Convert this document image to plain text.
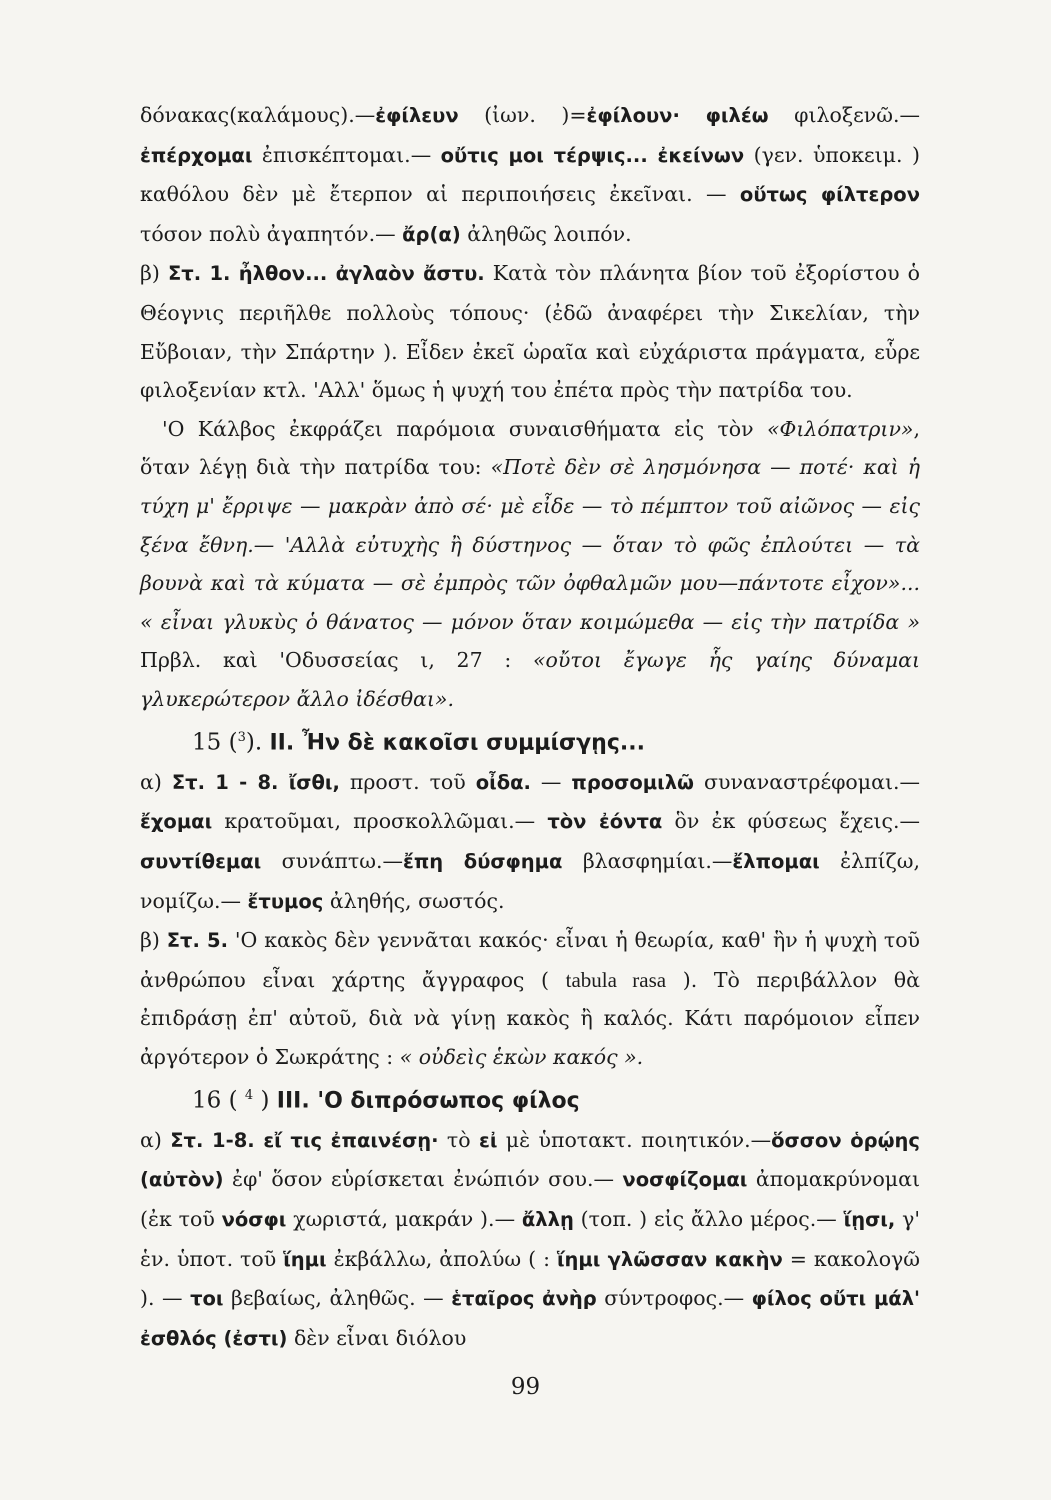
δόνακας(καλάμους).—ἐφίλευν (ἰων. )=ἐφίλουν· φιλέω φιλοξενῶ.— ἐπέρχομαι ἐπισκέπτομαι.— οὔτις μοι τέρψις... ἐκείνων (γεν. ὑποκειμ. ) καθόλου δὲν μὲ ἔτερπον αἱ περιποιήσεις ἐκεῖναι. — οὕτως φίλτερον τόσον πολὺ ἀγαπητόν.— ἄρ(α) ἀληθῶς λοιπόν.

β) Στ. 1. ἦλθον... ἀγλαὸν ἄστυ. Κατὰ τὸν πλάνητα βίον τοῦ ἐξορίστου ὁ Θέογνις περιῆλθε πολλοὺς τόπους· (ἐδῶ ἀναφέρει τὴν Σικελίαν, τὴν Εὔβοιαν, τὴν Σπάρτην ). Εἶδεν ἐκεῖ ὡραῖα καὶ εὐχάριστα πράγματα, εὗρε φιλοξενίαν κτλ. 'Αλλ' ὅμως ἡ ψυχή του ἐπέτα πρὸς τὴν πατρίδα του.

'Ο Κάλβος ἐκφράζει παρόμοια συναισθήματα εἰς τὸν «Φιλόπατριν», ὅταν λέγῃ διὰ τὴν πατρίδα του: «Ποτὲ δὲν σὲ λησμόνησα — ποτέ· καὶ ἡ τύχη μ' ἔρριψε — μακρὰν ἀπὸ σέ· μὲ εἶδε — τὸ πέμπτον τοῦ αἰῶνος — εἰς ξένα ἔθνη.— 'Αλλὰ εὐτυχὴς ἢ δύστηνος — ὅταν τὸ φῶς ἐπλούτει — τὰ βουνὰ καὶ τὰ κύματα — σὲ ἐμπρὸς τῶν ὀφθαλμῶν μου—πάντοτε εἶχον»... « εἶναι γλυκὺς ὁ θάνατος — μόνον ὅταν κοιμώμεθα — εἰς τὴν πατρίδα » Πρβλ. καὶ 'Οδυσσείας ι, 27 : «οὔτοι ἔγωγε ἧς γαίης δύναμαι γλυκερώτερον ἄλλο ἰδέσθαι».

15 ($^3$). II. Ἦν δὲ κακοῖσι συμμίσγῃς...

α) Στ. 1 - 8. ἴσθι, προστ. τοῦ οἶδα. — προσομιλῶ συναναστρέφομαι.— ἔχομαι κρατοῦμαι, προσκολλῶμαι.— τὸν ἐόντα ὃν ἐκ φύσεως ἔχεις.— συντίθεμαι συνάπτω.—ἔπη δύσφημα βλασφημίαι.—ἔλπομαι ἐλπίζω, νομίζω.— ἔτυμος ἀληθής, σωστός.

β) Στ. 5. 'Ο κακὸς δὲν γεννᾶται κακός· εἶναι ἡ θεωρία, καθ' ἣν ἡ ψυχὴ τοῦ ἀνθρώπου εἶναι χάρτης ἄγγραφος ( tabula rasa ). Τὸ περιβάλλον θὰ ἐπιδράσῃ ἐπ' αὐτοῦ, διὰ νὰ γίνῃ κακὸς ἢ καλός. Κάτι παρόμοιον εἶπεν ἀργότερον ὁ Σωκράτης : « οὐδεὶς ἑκὼν κακός ».

16 ( $^4$ ) III. 'Ο διπρόσωπος φίλος

α) Στ. 1-8. εἴ τις ἐπαινέσῃ· τὸ εἰ μὲ ὑποτακτ. ποιητικόν.—ὅσσον ὁρῴης (αὐτὸν) ἐφ' ὅσον εὑρίσκεται ἐνώπιόν σου.— νοσφίζομαι ἀπομακρύνομαι (ἐκ τοῦ νόσφι χωριστά, μακράν ).— ἄλλῃ (τοπ. ) εἰς ἄλλο μέρος.— ἵῃσι, γ' ἑν. ὑποτ. τοῦ ἵημι ἐκβάλλω, ἀπολύω ( : ἵημι γλῶσσαν κακὴν = κακολογῶ ). — τοι βεβαίως, ἀληθῶς. — ἑταῖρος ἀνὴρ σύντροφος.— φίλος οὔτι μάλ' ἐσθλός (ἐστι) δὲν εἶναι διόλου

99
